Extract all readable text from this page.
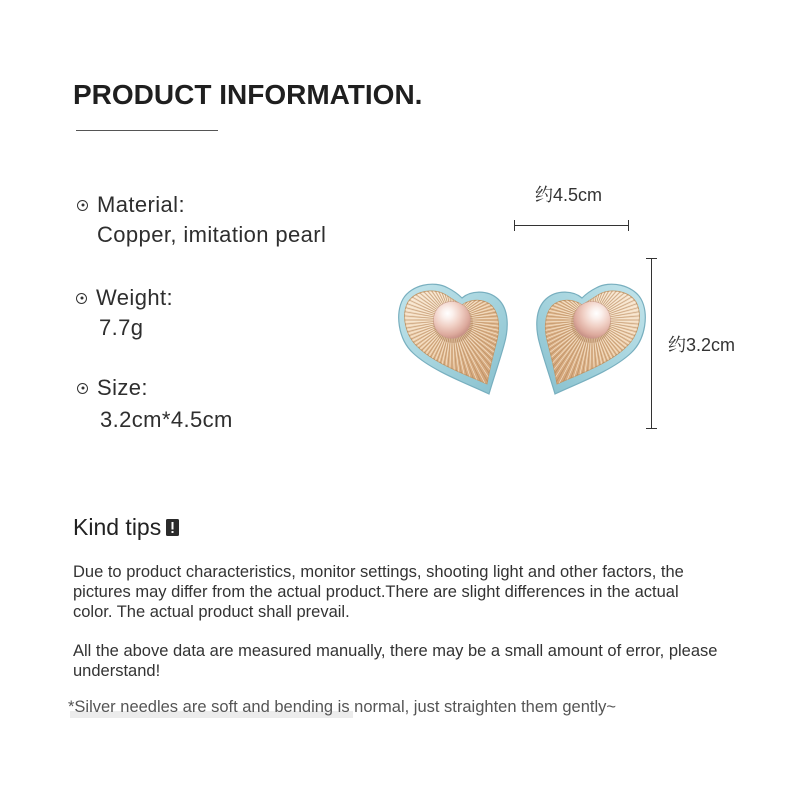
PRODUCT INFORMATION.
Material:
Copper, imitation pearl
Weight:
7.7g
Size:
3.2cm*4.5cm
约4.5cm
约3.2cm
Kind tips
Due to product characteristics, monitor settings, shooting light and other factors, the
pictures may differ from the actual product.There are slight differences in the actual
color. The actual product shall prevail.
All the above data are measured manually, there may be a small amount of error, please
understand!
*Silver needles are soft and bending is normal, just straighten them gently~
